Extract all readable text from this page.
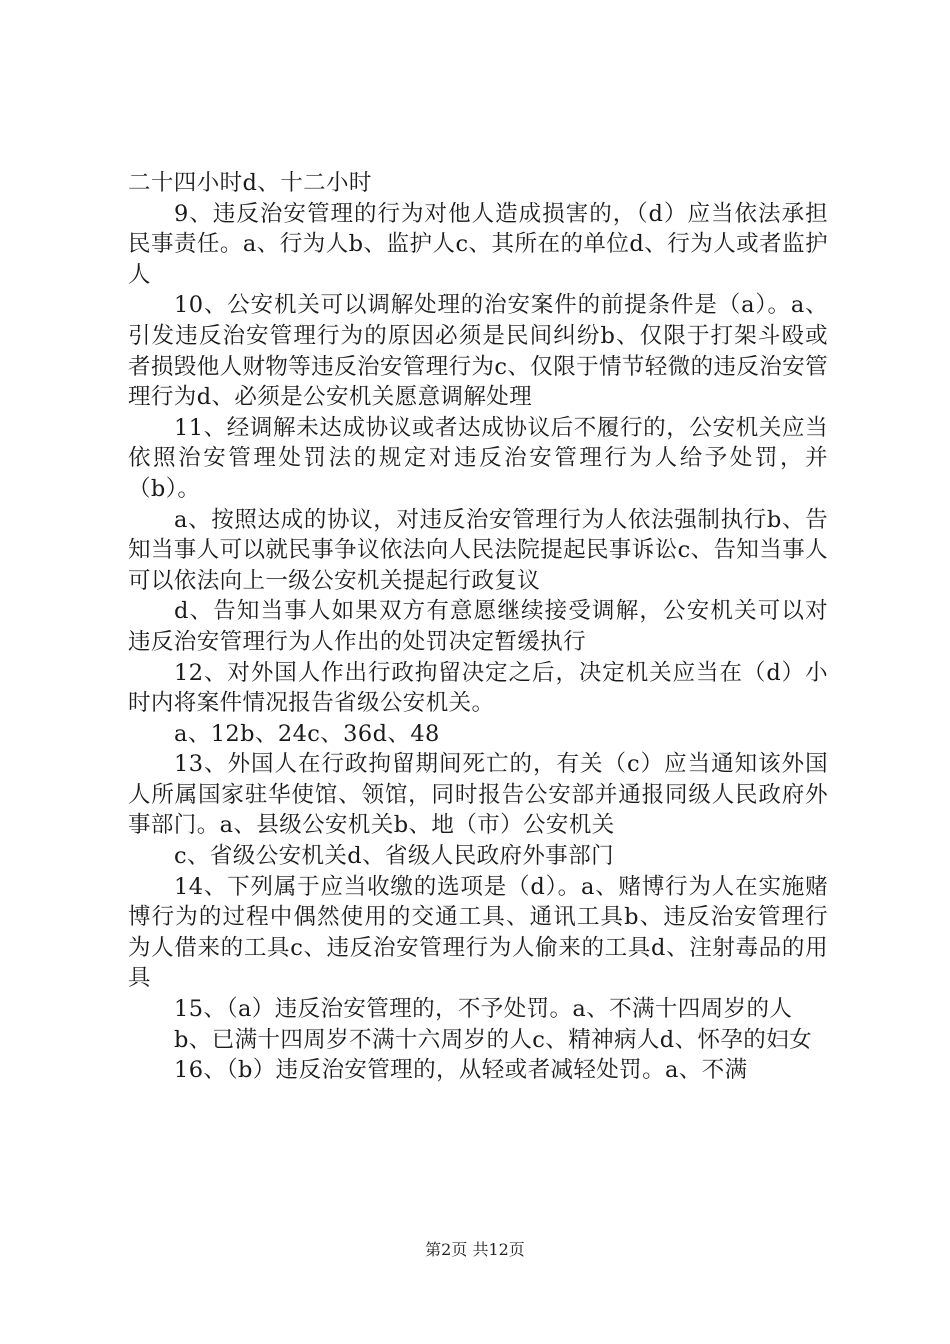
二十四小时d、十二小时

9、违反治安管理的行为对他人造成损害的，（d）应当依法承担民事责任。a、行为人b、监护人c、其所在的单位d、行为人或者监护人

10、公安机关可以调解处理的治安案件的前提条件是（a）。a、引发违反治安管理行为的原因必须是民间纠纷b、仅限于打架斗殴或者损毁他人财物等违反治安管理行为c、仅限于情节轻微的违反治安管理行为d、必须是公安机关愿意调解处理

11、经调解未达成协议或者达成协议后不履行的，公安机关应当依照治安管理处罚法的规定对违反治安管理行为人给予处罚，并（b）。

a、按照达成的协议，对违反治安管理行为人依法强制执行b、告知当事人可以就民事争议依法向人民法院提起民事诉讼c、告知当事人可以依法向上一级公安机关提起行政复议

d、告知当事人如果双方有意愿继续接受调解，公安机关可以对违反治安管理行为人作出的处罚决定暂缓执行

12、对外国人作出行政拘留决定之后，决定机关应当在（d）小时内将案件情况报告省级公安机关。

a、12b、24c、36d、48

13、外国人在行政拘留期间死亡的，有关（c）应当通知该外国人所属国家驻华使馆、领馆，同时报告公安部并通报同级人民政府外事部门。a、县级公安机关b、地（市）公安机关

c、省级公安机关d、省级人民政府外事部门

14、下列属于应当收缴的选项是（d）。a、赌博行为人在实施赌博行为的过程中偶然使用的交通工具、通讯工具b、违反治安管理行为人借来的工具c、违反治安管理行为人偷来的工具d、注射毒品的用具

15、（a）违反治安管理的，不予处罚。a、不满十四周岁的人

b、已满十四周岁不满十六周岁的人c、精神病人d、怀孕的妇女

16、（b）违反治安管理的，从轻或者减轻处罚。a、不满

第2页 共12页
